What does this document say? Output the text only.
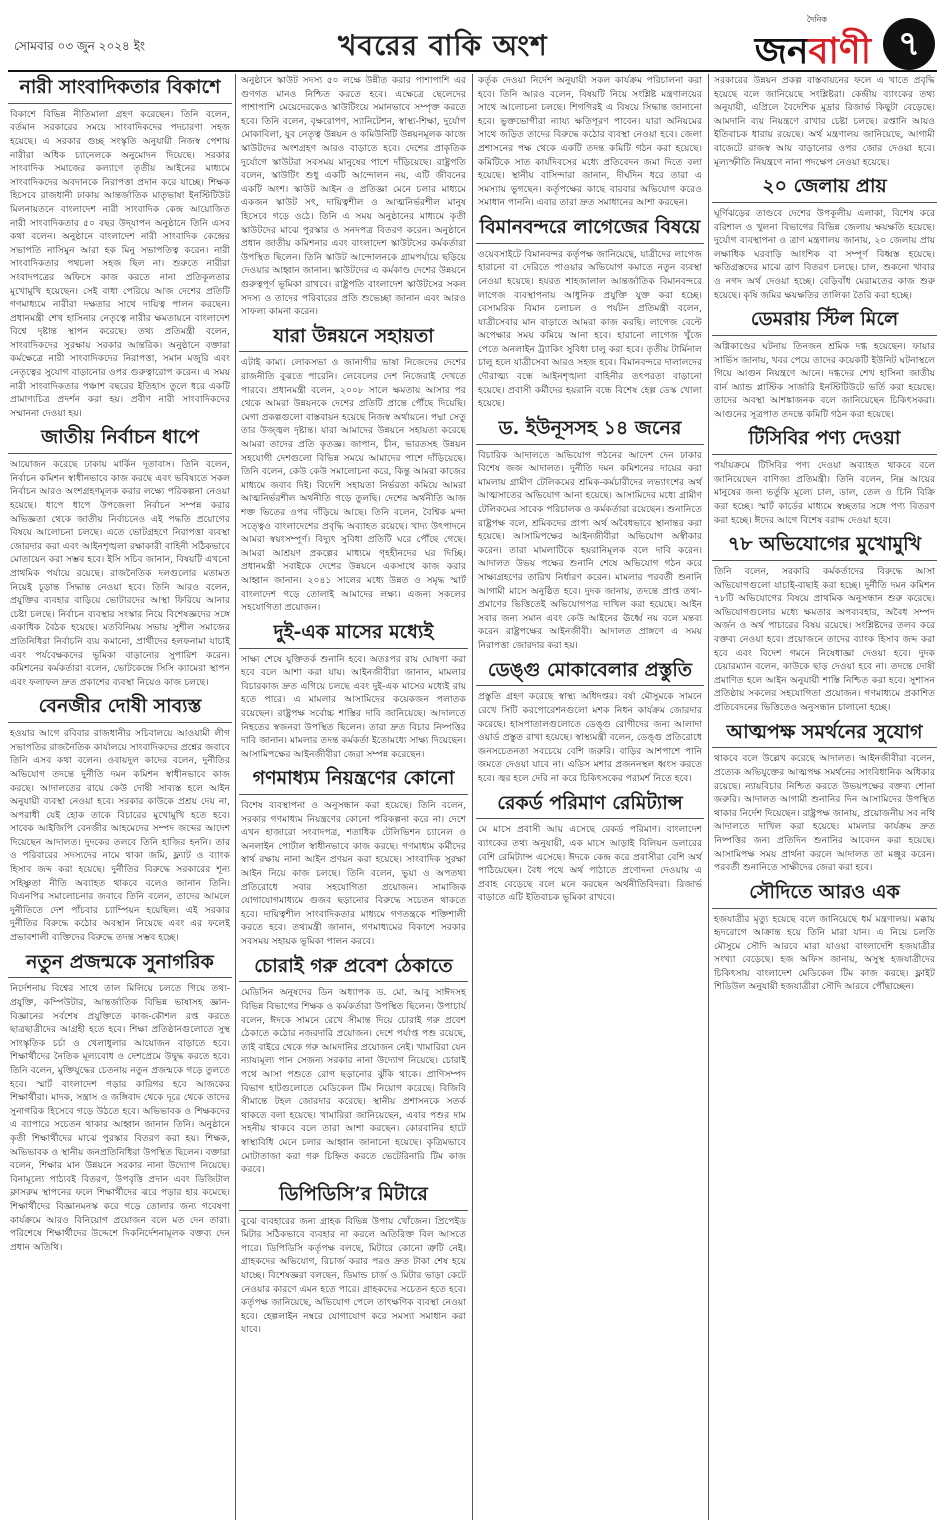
সোমবার ০৩ জুন ২০২৪ ইং	খবরের বাকি অংশ
দৈনিক
জনবাণী ৭
নারী সাংবাদিকতার বিকাশে

বিকাশে বিভিন্ন নীতিমালা গ্রহণ করেছেন। তিনি বলেন, বর্তমান সরকারের সময়ে সাংবাদিকদের পদচারণা সহজ হয়েছে। এ সরকার গুচ্ছ সংস্কৃতি অনুযায়ী নিজস্ব পেশায় নারীরা অধিক চ্যানেলকে অনুমোদন দিয়েছে। সরকার সাংবাদিক সমাজের কল্যাণে তৃতীয় আইনের মাধ্যমে সাংবাদিকদের অবদানকে নিরাপত্তা প্রদান করে যাচ্ছে। শিক্ষক হিসেবে রাজধানী ঢাকায় আন্তর্জাতিক মাতৃভাষা ইনস্টিটিউট মিলনায়তনে বাংলাদেশ নারী সাংবাদিক কেন্দ্র আয়োজিত নারী সাংবাদিকতার ৫০ বছর উদ্‌যাপন অনুষ্ঠানে তিনি এসব কথা বলেন। অনুষ্ঠানে বাংলাদেশ নারী সাংবাদিক কেন্দ্রের সভাপতি নাসিমুন আরা হক মিনু সভাপতিত্ব করেন। নারী সাংবাদিকতার পথচলা সহজ ছিল না। শুরুতে নারীরা সংবাদপত্রের অফিসে কাজ করতে নানা প্রতিকূলতার মুখোমুখি হয়েছেন। সেই বাধা পেরিয়ে আজ দেশের প্রতিটি গণমাধ্যমে নারীরা দক্ষতার সাথে দায়িত্ব পালন করছেন। প্রধানমন্ত্রী শেখ হাসিনার নেতৃত্বে নারীর ক্ষমতায়নে বাংলাদেশ বিশ্বে দৃষ্টান্ত স্থাপন করেছে। তথ্য প্রতিমন্ত্রী বলেন, সাংবাদিকদের সুরক্ষায় সরকার আন্তরিক। অনুষ্ঠানে বক্তারা কর্মক্ষেত্রে নারী সাংবাদিকদের নিরাপত্তা, সমান মজুরি এবং নেতৃত্বের সুযোগ বাড়ানোর ওপর গুরুত্বারোপ করেন। এ সময় নারী সাংবাদিকতার পঞ্চাশ বছরের ইতিহাস তুলে ধরে একটি প্রামাণ্যচিত্র প্রদর্শন করা হয়। প্রবীণ নারী সাংবাদিকদের সম্মাননা দেওয়া হয়।

জাতীয় নির্বাচন ধাপে

আয়োজন করেছে ঢাকায় মার্কিন দূতাবাস। তিনি বলেন, নির্বাচন কমিশন স্বাধীনভাবে কাজ করছে এবং ভবিষ্যতে সকল নির্বাচন আরও অংশগ্রহণমূলক করার লক্ষ্যে পরিকল্পনা নেওয়া হয়েছে। ধাপে ধাপে উপজেলা নির্বাচন সম্পন্ন করার অভিজ্ঞতা থেকে জাতীয় নির্বাচনেও এই পদ্ধতি প্রয়োগের বিষয়ে আলোচনা চলছে। এতে ভোটগ্রহণে নিরাপত্তা ব্যবস্থা জোরদার করা এবং আইনশৃঙ্খলা রক্ষাকারী বাহিনী সঠিকভাবে মোতায়েন করা সম্ভব হবে। ইসি সচিব জানান, বিষয়টি এখনো প্রাথমিক পর্যায়ে রয়েছে। রাজনৈতিক দলগুলোর মতামত নিয়েই চূড়ান্ত সিদ্ধান্ত নেওয়া হবে। তিনি আরও বলেন, প্রযুক্তির ব্যবহার বাড়িয়ে ভোটারদের আস্থা ফিরিয়ে আনার চেষ্টা চলছে। নির্বাচন ব্যবস্থার সংস্কার নিয়ে বিশেষজ্ঞদের সঙ্গে একাধিক বৈঠক হয়েছে। মতবিনিময় সভায় সুশীল সমাজের প্রতিনিধিরা নির্বাচনি ব্যয় কমানো, প্রার্থীদের হলফনামা যাচাই এবং পর্যবেক্ষকদের ভূমিকা বাড়ানোর সুপারিশ করেন। কমিশনের কর্মকর্তারা বলেন, ভোটকেন্দ্রে সিসি ক্যামেরা স্থাপন এবং ফলাফল দ্রুত প্রকাশের ব্যবস্থা নিয়েও কাজ চলছে।

বেনজীর দোষী সাব্যস্ত

হওয়ার আগে রবিবার রাজধানীর সচিবালয়ে আওয়ামী লীগ সভাপতির রাজনৈতিক কার্যালয়ে সাংবাদিকদের প্রশ্নের জবাবে তিনি এসব কথা বলেন। ওবায়দুল কাদের বলেন, দুর্নীতির অভিযোগ তদন্তে দুর্নীতি দমন কমিশন স্বাধীনভাবে কাজ করছে। আদালতের রায়ে কেউ দোষী সাব্যস্ত হলে আইন অনুযায়ী ব্যবস্থা নেওয়া হবে। সরকার কাউকে প্রশ্রয় দেয় না, অপরাধী যেই হোক তাকে বিচারের মুখোমুখি হতে হবে। সাবেক আইজিপি বেনজীর আহমেদের সম্পদ জব্দের আদেশ দিয়েছেন আদালত। দুদকের তলবে তিনি হাজির হননি। তার ও পরিবারের সদস্যদের নামে থাকা জমি, ফ্ল্যাট ও ব্যাংক হিসাব জব্দ করা হয়েছে। দুর্নীতির বিরুদ্ধে সরকারের শূন্য সহিষ্ণুতা নীতি অব্যাহত থাকবে বলেও জানান তিনি। বিএনপির সমালোচনার জবাবে তিনি বলেন, তাদের আমলে দুর্নীতিতে দেশ পাঁচবার চ্যাম্পিয়ন হয়েছিল। এই সরকার দুর্নীতির বিরুদ্ধে কঠোর অবস্থান নিয়েছে এবং এর ফলেই প্রভাবশালী ব্যক্তিদের বিরুদ্ধে তদন্ত সম্ভব হচ্ছে।

নতুন প্রজন্মকে সুনাগরিক

নির্দেশনায় বিশ্বের সাথে তাল মিলিয়ে চলতে গিয়ে তথ্য-প্রযুক্তি, কম্পিউটার, আন্তর্জাতিক বিভিন্ন ভাষাসহ জ্ঞান-বিজ্ঞানের সর্বশেষ প্রযুক্তিতে কাজ-কৌশল রপ্ত করতে ছাত্রছাত্রীদের আগ্রহী হতে হবে। শিক্ষা প্রতিষ্ঠানগুলোতে সুস্থ সাংস্কৃতিক চর্চা ও খেলাধুলার আয়োজন বাড়াতে হবে। শিক্ষার্থীদের নৈতিক মূল্যবোধ ও দেশপ্রেমে উদ্বুদ্ধ করতে হবে। তিনি বলেন, মুক্তিযুদ্ধের চেতনায় নতুন প্রজন্মকে গড়ে তুলতে হবে। স্মার্ট বাংলাদেশ গড়ার কারিগর হবে আজকের শিক্ষার্থীরা। মাদক, সন্ত্রাস ও জঙ্গিবাদ থেকে দূরে থেকে তাদের সুনাগরিক হিসেবে গড়ে উঠতে হবে। অভিভাবক ও শিক্ষকদের এ ব্যাপারে সচেতন থাকার আহ্বান জানান তিনি। অনুষ্ঠানে কৃতী শিক্ষার্থীদের মাঝে পুরস্কার বিতরণ করা হয়। শিক্ষক, অভিভাবক ও স্থানীয় জনপ্রতিনিধিরা উপস্থিত ছিলেন। বক্তারা বলেন, শিক্ষার মান উন্নয়নে সরকার নানা উদ্যোগ নিয়েছে। বিনামূল্যে পাঠ্যবই বিতরণ, উপবৃত্তি প্রদান এবং ডিজিটাল ক্লাসরুম স্থাপনের ফলে শিক্ষার্থীদের ঝরে পড়ার হার কমেছে। শিক্ষার্থীদের বিজ্ঞানমনস্ক করে গড়ে তোলার জন্য গবেষণা কার্যক্রমে আরও বিনিয়োগ প্রয়োজন বলে মত দেন তারা। পরিশেষে শিক্ষার্থীদের উদ্দেশে দিকনির্দেশনামূলক বক্তব্য দেন প্রধান অতিথি।

অনুষ্ঠানে স্কাউট সদস্য ৫০ লক্ষে উন্নীত করার পাশাপাশি এর গুণগত মানও নিশ্চিত করতে হবে। এক্ষেত্রে ছেলেদের পাশাপাশি মেয়েদেরকেও স্কাউটিংয়ে সমানভাবে সম্পৃক্ত করতে হবে। তিনি বলেন, বৃক্ষরোপণ, স্যানিটেশন, স্বাস্থ্য-শিক্ষা, দুর্যোগ মোকাবিলা, যুব নেতৃত্ব উন্নয়ন ও কমিউনিটি উন্নয়নমূলক কাজে স্কাউটদের অংশগ্রহণ আরও বাড়াতে হবে। দেশের প্রাকৃতিক দুর্যোগে স্কাউটরা সবসময় মানুষের পাশে দাঁড়িয়েছে। রাষ্ট্রপতি বলেন, স্কাউটিং শুধু একটি আন্দোলন নয়, এটি জীবনের একটি অংশ। স্কাউট আইন ও প্রতিজ্ঞা মেনে চলার মাধ্যমে একজন স্কাউট সৎ, দায়িত্বশীল ও আত্মনির্ভরশীল মানুষ হিসেবে গড়ে ওঠে। তিনি এ সময় অনুষ্ঠানের মাধ্যমে কৃতী স্কাউটদের মাঝে পুরস্কার ও সনদপত্র বিতরণ করেন। অনুষ্ঠানে প্রধান জাতীয় কমিশনার এবং বাংলাদেশ স্কাউটসের কর্মকর্তারা উপস্থিত ছিলেন। তিনি স্কাউট আন্দোলনকে গ্রামপর্যায়ে ছড়িয়ে দেওয়ার আহ্বান জানান। স্কাউটদের এ কর্মকাণ্ড দেশের উন্নয়নে গুরুত্বপূর্ণ ভূমিকা রাখবে। রাষ্ট্রপতি বাংলাদেশ স্কাউটসের সকল সদস্য ও তাদের পরিবারের প্রতি শুভেচ্ছা জানান এবং আরও সাফল্য কামনা করেন।

যারা উন্নয়নে সহায়তা

এটাই কাম্য। লোকসভা ও জানাগীর ভাষা নিজেদের দেশের রাজনীতি বুঝতে পারেনি। লেবেলের দেশ নিজেরাই দেখতে পারবে। প্রধানমন্ত্রী বলেন, ২০০৮ সালে ক্ষমতায় আসার পর থেকে আমরা উন্নয়নকে দেশের প্রতিটি প্রান্তে পৌঁছে দিয়েছি। মেগা প্রকল্পগুলো বাস্তবায়ন হয়েছে নিজস্ব অর্থায়নে। পদ্মা সেতু তার উজ্জ্বল দৃষ্টান্ত। যারা আমাদের উন্নয়নে সহায়তা করেছে আমরা তাদের প্রতি কৃতজ্ঞ। জাপান, চীন, ভারতসহ উন্নয়ন সহযোগী দেশগুলো বিভিন্ন সময়ে আমাদের পাশে দাঁড়িয়েছে। তিনি বলেন, কেউ কেউ সমালোচনা করে, কিন্তু আমরা কাজের মাধ্যমে জবাব দিই। বিদেশি সহায়তা নির্ভরতা কমিয়ে আমরা আত্মনির্ভরশীল অর্থনীতি গড়ে তুলছি। দেশের অর্থনীতি আজ শক্ত ভিতের ওপর দাঁড়িয়ে আছে। তিনি বলেন, বৈশ্বিক মন্দা সত্ত্বেও বাংলাদেশের প্রবৃদ্ধি অব্যাহত রয়েছে। খাদ্য উৎপাদনে আমরা স্বয়ংসম্পূর্ণ। বিদ্যুৎ সুবিধা প্রতিটি ঘরে পৌঁছে গেছে। আমরা আশ্রয়ণ প্রকল্পের মাধ্যমে গৃহহীনদের ঘর দিচ্ছি। প্রধানমন্ত্রী সবাইকে দেশের উন্নয়নে একসাথে কাজ করার আহ্বান জানান। ২০৪১ সালের মধ্যে উন্নত ও সমৃদ্ধ স্মার্ট বাংলাদেশ গড়ে তোলাই আমাদের লক্ষ্য। এজন্য সকলের সহযোগিতা প্রয়োজন।

দুই-এক মাসের মধ্যেই

সাক্ষ্য শেষে যুক্তিতর্ক শুনানি হবে। অতঃপর রায় ঘোষণা করা হবে বলে আশা করা যায়। আইনজীবীরা জানান, মামলার বিচারকাজ দ্রুত এগিয়ে চলছে এবং দুই-এক মাসের মধ্যেই রায় হতে পারে। এ মামলার আসামিদের কয়েকজন পলাতক রয়েছেন। রাষ্ট্রপক্ষ সর্বোচ্চ শাস্তির দাবি জানিয়েছে। আদালতে নিহতের স্বজনরা উপস্থিত ছিলেন। তারা দ্রুত বিচার নিষ্পত্তির দাবি জানান। মামলার তদন্ত কর্মকর্তা ইতোমধ্যে সাক্ষ্য দিয়েছেন। আসামিপক্ষের আইনজীবীরা জেরা সম্পন্ন করেছেন।

গণমাধ্যম নিয়ন্ত্রণের কোনো

বিশেষ ব্যবস্থাপনা ও অনুসন্ধান করা হয়েছে। তিনি বলেন, সরকার গণমাধ্যম নিয়ন্ত্রণের কোনো পরিকল্পনা করে না। দেশে এখন হাজারো সংবাদপত্র, শতাধিক টেলিভিশন চ্যানেল ও অনলাইন পোর্টাল স্বাধীনভাবে কাজ করছে। গণমাধ্যম কর্মীদের স্বার্থ রক্ষায় নানা আইন প্রণয়ন করা হয়েছে। সাংবাদিক সুরক্ষা আইন নিয়ে কাজ চলছে। তিনি বলেন, ভুয়া ও অপতথ্য প্রতিরোধে সবার সহযোগিতা প্রয়োজন। সামাজিক যোগাযোগমাধ্যমে গুজব ছড়ানোর বিরুদ্ধে সচেতন থাকতে হবে। দায়িত্বশীল সাংবাদিকতার মাধ্যমে গণতন্ত্রকে শক্তিশালী করতে হবে। তথ্যমন্ত্রী জানান, গণমাধ্যমের বিকাশে সরকার সবসময় সহায়ক ভূমিকা পালন করবে।

চোরাই গরু প্রবেশ ঠেকাতে

মেডিসিন অনুষদের ডিন অধ্যাপক ড. মো. আবু সাঈদসহ বিভিন্ন বিভাগের শিক্ষক ও কর্মকর্তারা উপস্থিত ছিলেন। উপাচার্য বলেন, ঈদকে সামনে রেখে সীমান্ত দিয়ে চোরাই গরু প্রবেশ ঠেকাতে কঠোর নজরদারি প্রয়োজন। দেশে পর্যাপ্ত পশু রয়েছে, তাই বাইরে থেকে গরু আমদানির প্রয়োজন নেই। খামারিরা যেন ন্যায্যমূল্য পান সেজন্য সরকার নানা উদ্যোগ নিয়েছে। চোরাই পথে আসা পশুতে রোগ ছড়ানোর ঝুঁকি থাকে। প্রাণিসম্পদ বিভাগ হাটগুলোতে মেডিকেল টিম নিয়োগ করেছে। বিজিবি সীমান্তে টহল জোরদার করেছে। স্থানীয় প্রশাসনকে সতর্ক থাকতে বলা হয়েছে। খামারিরা জানিয়েছেন, এবার পশুর দাম সহনীয় থাকবে বলে তারা আশা করছেন। কোরবানির হাটে স্বাস্থ্যবিধি মেনে চলার আহ্বান জানানো হয়েছে। কৃত্রিমভাবে মোটাতাজা করা গরু চিহ্নিত করতে ভেটেরিনারি টিম কাজ করবে।

ডিপিডিসি’র মিটারে

বুঝে ব্যবহারের জন্য গ্রাহক বিভিন্ন উপায় খোঁজেন। প্রিপেইড মিটার সঠিকভাবে ব্যবহার না করলে অতিরিক্ত বিল আসতে পারে। ডিপিডিসি কর্তৃপক্ষ বলছে, মিটারে কোনো ত্রুটি নেই। গ্রাহকদের অভিযোগ, রিচার্জ করার পরও দ্রুত টাকা শেষ হয়ে যাচ্ছে। বিশেষজ্ঞরা বলছেন, ডিমান্ড চার্জ ও মিটার ভাড়া কেটে নেওয়ার কারণে এমন হতে পারে। গ্রাহকদের সচেতন হতে হবে। কর্তৃপক্ষ জানিয়েছে, অভিযোগ পেলে তাৎক্ষণিক ব্যবস্থা নেওয়া হবে। হেল্পলাইন নম্বরে যোগাযোগ করে সমস্যা সমাধান করা যাবে।

কর্তৃক দেওয়া নির্দেশ অনুযায়ী সকল কার্যক্রম পরিচালনা করা হবে। তিনি আরও বলেন, বিষয়টি নিয়ে সংশ্লিষ্ট মন্ত্রণালয়ের সাথে আলোচনা চলছে। শিগগিরই এ বিষয়ে সিদ্ধান্ত জানানো হবে। ভুক্তভোগীরা ন্যায্য ক্ষতিপূরণ পাবেন। যারা অনিয়মের সাথে জড়িত তাদের বিরুদ্ধে কঠোর ব্যবস্থা নেওয়া হবে। জেলা প্রশাসনের পক্ষ থেকে একটি তদন্ত কমিটি গঠন করা হয়েছে। কমিটিকে সাত কার্যদিবসের মধ্যে প্রতিবেদন জমা দিতে বলা হয়েছে। স্থানীয় বাসিন্দারা জানান, দীর্ঘদিন ধরে তারা এ সমস্যায় ভুগছেন। কর্তৃপক্ষের কাছে বারবার অভিযোগ করেও সমাধান পাননি। এবার তারা দ্রুত সমাধানের আশা করছেন।

বিমানবন্দরে লাগেজের বিষয়ে

ওয়েবসাইটে বিমানবন্দর কর্তৃপক্ষ জানিয়েছে, যাত্রীদের লাগেজ হারানো বা দেরিতে পাওয়ার অভিযোগ কমাতে নতুন ব্যবস্থা নেওয়া হয়েছে। হযরত শাহজালাল আন্তর্জাতিক বিমানবন্দরে লাগেজ ব্যবস্থাপনায় আধুনিক প্রযুক্তি যুক্ত করা হচ্ছে। বেসামরিক বিমান চলাচল ও পর্যটন প্রতিমন্ত্রী বলেন, যাত্রীসেবার মান বাড়াতে আমরা কাজ করছি। লাগেজ বেল্টে অপেক্ষার সময় কমিয়ে আনা হবে। হারানো লাগেজ খুঁজে পেতে অনলাইন ট্র্যাকিং সুবিধা চালু করা হবে। তৃতীয় টার্মিনাল চালু হলে যাত্রীসেবা আরও সহজ হবে। বিমানবন্দরে দালালদের দৌরাত্ম্য বন্ধে আইনশৃঙ্খলা বাহিনীর তৎপরতা বাড়ানো হয়েছে। প্রবাসী কর্মীদের হয়রানি বন্ধে বিশেষ হেল্প ডেস্ক খোলা হয়েছে।

ড. ইউনূসসহ ১৪ জনের

বিচারিক আদালতে অভিযোগ গঠনের আদেশ দেন ঢাকার বিশেষ জজ আদালত। দুর্নীতি দমন কমিশনের দায়ের করা মামলায় গ্রামীণ টেলিকমের শ্রমিক-কর্মচারীদের লভ্যাংশের অর্থ আত্মসাতের অভিযোগ আনা হয়েছে। আসামিদের মধ্যে গ্রামীণ টেলিকমের সাবেক পরিচালক ও কর্মকর্তারা রয়েছেন। শুনানিতে রাষ্ট্রপক্ষ বলে, শ্রমিকদের প্রাপ্য অর্থ অবৈধভাবে স্থানান্তর করা হয়েছে। আসামিপক্ষের আইনজীবীরা অভিযোগ অস্বীকার করেন। তারা মামলাটিকে হয়রানিমূলক বলে দাবি করেন। আদালত উভয় পক্ষের শুনানি শেষে অভিযোগ গঠন করে সাক্ষ্যগ্রহণের তারিখ নির্ধারণ করেন। মামলার পরবর্তী শুনানি আগামী মাসে অনুষ্ঠিত হবে। দুদক জানায়, তদন্তে প্রাপ্ত তথ্য-প্রমাণের ভিত্তিতেই অভিযোগপত্র দাখিল করা হয়েছে। আইন সবার জন্য সমান এবং কেউ আইনের ঊর্ধ্বে নয় বলে মন্তব্য করেন রাষ্ট্রপক্ষের আইনজীবী। আদালত প্রাঙ্গণে এ সময় নিরাপত্তা জোরদার করা হয়।

ডেঙ্গু মোকাবেলার প্রস্তুতি

প্রস্তুতি গ্রহণ করেছে স্বাস্থ্য অধিদপ্তর। বর্ষা মৌসুমকে সামনে রেখে সিটি করপোরেশনগুলো মশক নিধন কার্যক্রম জোরদার করেছে। হাসপাতালগুলোতে ডেঙ্গু রোগীদের জন্য আলাদা ওয়ার্ড প্রস্তুত রাখা হয়েছে। স্বাস্থ্যমন্ত্রী বলেন, ডেঙ্গু প্রতিরোধে জনসচেতনতা সবচেয়ে বেশি জরুরি। বাড়ির আশপাশে পানি জমতে দেওয়া যাবে না। এডিস মশার প্রজননস্থল ধ্বংস করতে হবে। জ্বর হলে দেরি না করে চিকিৎসকের পরামর্শ নিতে হবে।

রেকর্ড পরিমাণ রেমিট্যান্স

মে মাসে প্রবাসী আয় এসেছে রেকর্ড পরিমাণ। বাংলাদেশ ব্যাংকের তথ্য অনুযায়ী, এক মাসে আড়াই বিলিয়ন ডলারের বেশি রেমিট্যান্স এসেছে। ঈদকে কেন্দ্র করে প্রবাসীরা বেশি অর্থ পাঠিয়েছেন। বৈধ পথে অর্থ পাঠাতে প্রণোদনা দেওয়ায় এ প্রবাহ বেড়েছে বলে মনে করছেন অর্থনীতিবিদরা। রিজার্ভ বাড়াতে এটি ইতিবাচক ভূমিকা রাখবে।

সরকারের উন্নয়ন প্রকল্প বাস্তবায়নের ফলে এ খাতে প্রবৃদ্ধি হয়েছে বলে জানিয়েছে সংশ্লিষ্টরা। কেন্দ্রীয় ব্যাংকের তথ্য অনুযায়ী, এপ্রিলে বৈদেশিক মুদ্রার রিজার্ভ কিছুটা বেড়েছে। আমদানি ব্যয় নিয়ন্ত্রণে রাখার চেষ্টা চলছে। রপ্তানি আয়ও ইতিবাচক ধারায় রয়েছে। অর্থ মন্ত্রণালয় জানিয়েছে, আগামী বাজেটে রাজস্ব আয় বাড়ানোর ওপর জোর দেওয়া হবে। মূল্যস্ফীতি নিয়ন্ত্রণে নানা পদক্ষেপ নেওয়া হয়েছে।

২০ জেলায় প্রায়

ঘূর্ণিঝড়ের তাণ্ডবে দেশের উপকূলীয় এলাকা, বিশেষ করে বরিশাল ও খুলনা বিভাগের বিভিন্ন জেলায় ক্ষয়ক্ষতি হয়েছে। দুর্যোগ ব্যবস্থাপনা ও ত্রাণ মন্ত্রণালয় জানায়, ২০ জেলায় প্রায় লক্ষাধিক ঘরবাড়ি আংশিক বা সম্পূর্ণ বিধ্বস্ত হয়েছে। ক্ষতিগ্রস্তদের মাঝে ত্রাণ বিতরণ চলছে। চাল, শুকনো খাবার ও নগদ অর্থ দেওয়া হচ্ছে। বেড়িবাঁধ মেরামতের কাজ শুরু হয়েছে। কৃষি জমির ক্ষয়ক্ষতির তালিকা তৈরি করা হচ্ছে।

ডেমরায় স্টিল মিলে

অগ্নিকাণ্ডের ঘটনায় তিনজন শ্রমিক দগ্ধ হয়েছেন। ফায়ার সার্ভিস জানায়, খবর পেয়ে তাদের কয়েকটি ইউনিট ঘটনাস্থলে গিয়ে আগুন নিয়ন্ত্রণে আনে। দগ্ধদের শেখ হাসিনা জাতীয় বার্ন অ্যান্ড প্লাস্টিক সার্জারি ইনস্টিটিউটে ভর্তি করা হয়েছে। তাদের অবস্থা আশঙ্কাজনক বলে জানিয়েছেন চিকিৎসকরা। আগুনের সূত্রপাত তদন্তে কমিটি গঠন করা হয়েছে।

টিসিবির পণ্য দেওয়া

পর্যায়ক্রমে টিসিবির পণ্য দেওয়া অব্যাহত থাকবে বলে জানিয়েছেন বাণিজ্য প্রতিমন্ত্রী। তিনি বলেন, নিম্ন আয়ের মানুষের জন্য ভর্তুকি মূল্যে চাল, ডাল, তেল ও চিনি বিক্রি করা হচ্ছে। স্মার্ট কার্ডের মাধ্যমে স্বচ্ছতার সঙ্গে পণ্য বিতরণ করা হচ্ছে। ঈদের আগে বিশেষ বরাদ্দ দেওয়া হবে।

৭৮ অভিযোগের মুখোমুখি

তিনি বলেন, সরকারি কর্মকর্তাদের বিরুদ্ধে আসা অভিযোগগুলো যাচাই-বাছাই করা হচ্ছে। দুর্নীতি দমন কমিশন ৭৮টি অভিযোগের বিষয়ে প্রাথমিক অনুসন্ধান শুরু করেছে। অভিযোগগুলোর মধ্যে ক্ষমতার অপব্যবহার, অবৈধ সম্পদ অর্জন ও অর্থ পাচারের বিষয় রয়েছে। সংশ্লিষ্টদের তলব করে বক্তব্য নেওয়া হবে। প্রয়োজনে তাদের ব্যাংক হিসাব জব্দ করা হবে এবং বিদেশ গমনে নিষেধাজ্ঞা দেওয়া হবে। দুদক চেয়ারম্যান বলেন, কাউকে ছাড় দেওয়া হবে না। তদন্তে দোষী প্রমাণিত হলে আইন অনুযায়ী শাস্তি নিশ্চিত করা হবে। সুশাসন প্রতিষ্ঠায় সকলের সহযোগিতা প্রয়োজন। গণমাধ্যমে প্রকাশিত প্রতিবেদনের ভিত্তিতেও অনুসন্ধান চালানো হচ্ছে।

আত্মপক্ষ সমর্থনের সুযোগ

থাকবে বলে উল্লেখ করেছে আদালত। আইনজীবীরা বলেন, প্রত্যেক অভিযুক্তের আত্মপক্ষ সমর্থনের সাংবিধানিক অধিকার রয়েছে। ন্যায়বিচার নিশ্চিত করতে উভয়পক্ষের বক্তব্য শোনা জরুরি। আদালত আগামী শুনানির দিন আসামিদের উপস্থিত থাকার নির্দেশ দিয়েছেন। রাষ্ট্রপক্ষ জানায়, প্রয়োজনীয় সব নথি আদালতে দাখিল করা হয়েছে। মামলার কার্যক্রম দ্রুত নিষ্পত্তির জন্য প্রতিদিন শুনানির আবেদন করা হয়েছে। আসামিপক্ষ সময় প্রার্থনা করলে আদালত তা মঞ্জুর করেন। পরবর্তী শুনানিতে সাক্ষীদের জেরা করা হবে।

সৌদিতে আরও এক

হজযাত্রীর মৃত্যু হয়েছে বলে জানিয়েছে ধর্ম মন্ত্রণালয়। মক্কায় হৃদরোগে আক্রান্ত হয়ে তিনি মারা যান। এ নিয়ে চলতি মৌসুমে সৌদি আরবে মারা যাওয়া বাংলাদেশি হজযাত্রীর সংখ্যা বেড়েছে। হজ অফিস জানায়, অসুস্থ হজযাত্রীদের চিকিৎসায় বাংলাদেশ মেডিকেল টিম কাজ করছে। ফ্লাইট শিডিউল অনুযায়ী হজযাত্রীরা সৌদি আরবে পৌঁছাচ্ছেন।
